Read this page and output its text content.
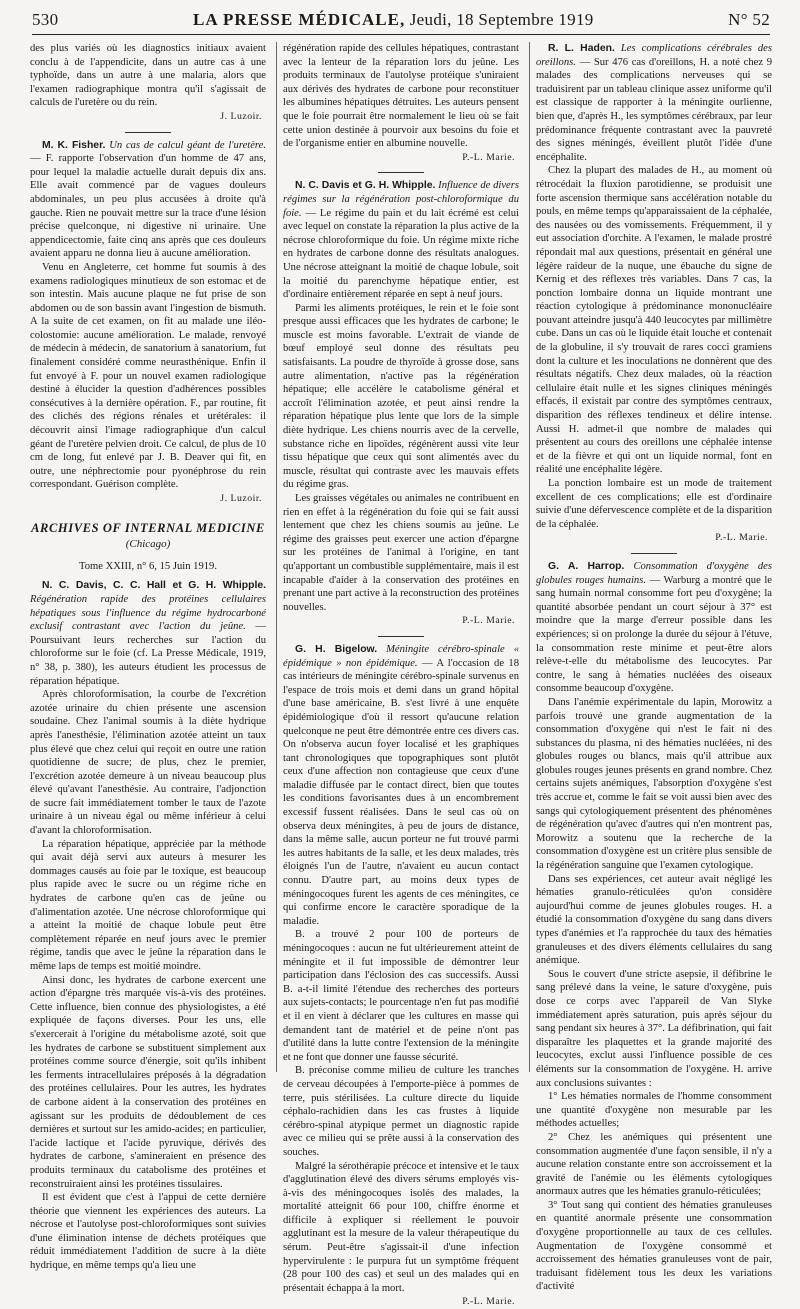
530	LA PRESSE MÉDICALE, Jeudi, 18 Septembre 1919	N° 52

des plus variés où les diagnostics initiaux avaient conclu à de l'appendicite, dans un autre cas à une typhoïde, dans un autre à une malaria, alors que l'examen radiographique montra qu'il s'agissait de calculs de l'uretère ou du rein.

J. Luzoir.

M. K. Fisher. Un cas de calcul géant de l'uretère. — F. rapporte l'observation d'un homme de 47 ans, pour lequel la maladie actuelle durait depuis dix ans. Elle avait commencé par de vagues douleurs abdominales, un peu plus accusées à droite qu'à gauche. Rien ne pouvait mettre sur la trace d'une lésion précise quelconque, ni digestive ni urinaire. Une appendicectomie, faite cinq ans après que ces douleurs avaient apparu ne donna lieu à aucune amélioration.

Venu en Angleterre, cet homme fut soumis à des examens radiologiques minutieux de son estomac et de son intestin. Mais aucune plaque ne fut prise de son abdomen ou de son bassin avant l'ingestion de bismuth. A la suite de cet examen, on fit au malade une iléo-colostomie: aucune amélioration. Le malade, renvoyé de médecin à médecin, de sanatorium à sanatorium, fut finalement considéré comme neurasthénique. Enfin il fut envoyé à F. pour un nouvel examen radiologique destiné à élucider la question d'adhérences possibles consécutives à la dernière opération. F., par routine, fit des clichés des régions rénales et urétérales: il découvrit ainsi l'image radiographique d'un calcul géant de l'uretère pelvien droit. Ce calcul, de plus de 10 cm de long, fut enlevé par J. B. Deaver qui fit, en outre, une néphrectomie pour pyonéphrose du rein correspondant. Guérison complète.

J. Luzoir.
ARCHIVES OF INTERNAL MEDICINE
(Chicago)
Tome XXIII, n° 6, 15 Juin 1919.

N. C. Davis, C. C. Hall et G. H. Whipple. Régénération rapide des protéines cellulaires hépatiques sous l'influence du régime hydrocarboné exclusif contrastant avec l'action du jeûne. — Poursuivant leurs recherches sur l'action du chloroforme sur le foie (cf. La Presse Médicale, 1919, n° 38, p. 380), les auteurs étudient les processus de réparation hépatique.

Après chloroformisation, la courbe de l'excrétion azotée urinaire du chien présente une ascension soudaine. Chez l'animal soumis à la diète hydrique après l'anesthésie, l'élimination azotée atteint un taux plus élevé que chez celui qui reçoit en outre une ration quotidienne de sucre; de plus, chez le premier, l'excrétion azotée demeure à un niveau beaucoup plus élevé qu'avant l'anesthésie. Au contraire, l'adjonction de sucre fait immédiatement tomber le taux de l'azote urinaire à un niveau égal ou même inférieur à celui d'avant la chloroformisation.

La réparation hépatique, appréciée par la méthode qui avait déjà servi aux auteurs à mesurer les dommages causés au foie par le toxique, est beaucoup plus rapide avec le sucre ou un régime riche en hydrates de carbone qu'en cas de jeûne ou d'alimentation azotée. Une nécrose chloroformique qui a atteint la moitié de chaque lobule peut être complètement réparée en neuf jours avec le premier régime, tandis que avec le jeûne la réparation dans le même laps de temps est moitié moindre.

Ainsi donc, les hydrates de carbone exercent une action d'épargne très marquée vis-à-vis des protéines. Cette influence, bien connue des physiologistes, a été expliquée de façons diverses. Pour les uns, elle s'exercerait à l'origine du métabolisme azoté, soit que les hydrates de carbone se substituent simplement aux protéines comme source d'énergie, soit qu'ils inhibent les ferments intracellulaires préposés à la dégradation des protéines cellulaires. Pour les autres, les hydrates de carbone aident à la conservation des protéines en agissant sur les produits de dédoublement de ces dernières et surtout sur les amido-acides; en particulier, l'acide lactique et l'acide pyruvique, dérivés des hydrates de carbone, s'amineraient en présence des produits terminaux du catabolisme des protéines et reconstruiraient ainsi les protéines tissulaires.

Il est évident que c'est à l'appui de cette dernière théorie que viennent les expériences des auteurs. La nécrose et l'autolyse post-chloroformiques sont suivies d'une élimination intense de déchets protéiques que réduit immédiatement l'addition de sucre à la diète hydrique, en même temps qu'a lieu une

régénération rapide des cellules hépatiques, contrastant avec la lenteur de la réparation lors du jeûne. Les produits terminaux de l'autolyse protéique s'uniraient aux dérivés des hydrates de carbone pour reconstituer les albumines hépatiques détruites. Les auteurs pensent que le foie pourrait être normalement le lieu où se fait cette union destinée à pourvoir aux besoins du foie et de l'organisme entier en albumine nouvelle.

P.-L. Marie.

N. C. Davis et G. H. Whipple. Influence de divers régimes sur la régénération post-chloroformique du foie. — Le régime du pain et du lait écrémé est celui avec lequel on constate la réparation la plus active de la nécrose chloroformique du foie. Un régime mixte riche en hydrates de carbone donne des résultats analogues. Une nécrose atteignant la moitié de chaque lobule, soit la moitié du parenchyme hépatique entier, est d'ordinaire entièrement réparée en sept à neuf jours.

Parmi les aliments protéiques, le rein et le foie sont presque aussi efficaces que les hydrates de carbone; le muscle est moins favorable. L'extrait de viande de bœuf employé seul donne des résultats peu satisfaisants. La poudre de thyroïde à grosse dose, sans autre alimentation, n'active pas la régénération hépatique; elle accélère le catabolisme général et accroît l'élimination azotée, et peut ainsi rendre la réparation hépatique plus lente que lors de la simple diète hydrique. Les chiens nourris avec de la cervelle, substance riche en lipoïdes, régénèrent aussi vite leur tissu hépatique que ceux qui sont alimentés avec du muscle, résultat qui contraste avec les mauvais effets du régime gras.

Les graisses végétales ou animales ne contribuent en rien en effet à la régénération du foie qui se fait aussi lentement que chez les chiens soumis au jeûne. Le régime des graisses peut exercer une action d'épargne sur les protéines de l'animal à l'origine, en tant qu'apportant un combustible supplémentaire, mais il est incapable d'aider à la conservation des protéines en prenant une part active à la reconstruction des protéines nouvelles.

P.-L. Marie.

G. H. Bigelow. Méningite cérébro-spinale « épidémique » non épidémique. — A l'occasion de 18 cas intérieurs de méningite cérébro-spinale survenus en l'espace de trois mois et demi dans un grand hôpital d'une base américaine, B. s'est livré à une enquête épidémiologique d'où il ressort qu'aucune relation quelconque ne peut être démontrée entre ces divers cas. On n'observa aucun foyer localisé et les graphiques tant chronologiques que topographiques sont plutôt ceux d'une affection non contagieuse que ceux d'une maladie diffusée par le contact direct, bien que toutes les conditions favorisantes dues à un encombrement excessif fussent réalisées. Dans le seul cas où on observa deux méningites, à peu de jours de distance, dans la même salle, aucun porteur ne fut trouvé parmi les autres habitants de la salle, et les deux malades, très éloignés l'un de l'autre, n'avaient eu aucun contact connu. D'autre part, au moins deux types de méningocoques furent les agents de ces méningites, ce qui confirme encore le caractère sporadique de la maladie.

B. a trouvé 2 pour 100 de porteurs de méningocoques : aucun ne fut ultérieurement atteint de méningite et il fut impossible de démontrer leur participation dans l'éclosion des cas successifs. Aussi B. a-t-il limité l'étendue des recherches des porteurs aux sujets-contacts; le pourcentage n'en fut pas modifié et il en vient à déclarer que les cultures en masse qui demandent tant de matériel et de peine n'ont pas d'utilité dans la lutte contre l'extension de la méningite et ne font que donner une fausse sécurité.

B. préconise comme milieu de culture les tranches de cerveau découpées à l'emporte-pièce à pommes de terre, puis stérilisées. La culture directe du liquide céphalo-rachidien dans les cas frustes à liquide cérébro-spinal atypique permet un diagnostic rapide avec ce milieu qui se prête aussi à la conservation des souches.

Malgré la sérothérapie précoce et intensive et le taux d'agglutination élevé des divers sérums employés vis-à-vis des méningocoques isolés des malades, la mortalité atteignit 66 pour 100, chiffre énorme et difficile à expliquer si réellement le pouvoir agglutinant est la mesure de la valeur thérapeutique du sérum. Peut-être s'agissait-il d'une infection hypervirulente : le purpura fut un symptôme fréquent (28 pour 100 des cas) et seul un des malades qui en présentait échappa à la mort.

P.-L. Marie.

R. L. Haden. Les complications cérébrales des oreillons. — Sur 476 cas d'oreillons, H. a noté chez 9 malades des complications nerveuses qui se traduisirent par un tableau clinique assez uniforme qu'il est classique de rapporter à la méningite ourlienne, bien que, d'après H., les symptômes cérébraux, par leur prédominance fréquente contrastant avec la pauvreté des signes méningés, éveillent plutôt l'idée d'une encéphalite.

Chez la plupart des malades de H., au moment où rétrocédait la fluxion parotidienne, se produisit une forte ascension thermique sans accélération notable du pouls, en même temps qu'apparaissaient de la céphalée, des nausées ou des vomissements. Fréquemment, il y eut association d'orchite. A l'examen, le malade prostré répondait mal aux questions, présentait en général une légère raideur de la nuque, une ébauche du signe de Kernig et des réflexes très variables. Dans 7 cas, la ponction lombaire donna un liquide montrant une réaction cytologique à prédominance mononucléaire pouvant atteindre jusqu'à 440 leucocytes par millimètre cube. Dans un cas où le liquide était louche et contenait de la globuline, il s'y trouvait de rares cocci gramiens dont la culture et les inoculations ne donnèrent que des résultats négatifs. Chez deux malades, où la réaction cellulaire était nulle et les signes cliniques méningés effacés, il existait par contre des symptômes centraux, disparition des réflexes tendineux et délire intense. Aussi H. admet-il que nombre de malades qui présentent au cours des oreillons une céphalée intense et de la fièvre et qui ont un liquide normal, font en réalité une encéphalite légère.

La ponction lombaire est un mode de traitement excellent de ces complications; elle est d'ordinaire suivie d'une défervescence complète et de la disparition de la céphalée.

P.-L. Marie.

G. A. Harrop. Consommation d'oxygène des globules rouges humains. — Warburg a montré que le sang humain normal consomme fort peu d'oxygène; la quantité absorbée pendant un court séjour à 37° est moindre que la marge d'erreur possible dans les expériences; si on prolonge la durée du séjour à l'étuve, la consommation reste minime et peut-être alors relève-t-elle du métabolisme des leucocytes. Par contre, le sang à hématies nucléées des oiseaux consomme beaucoup d'oxygène.

Dans l'anémie expérimentale du lapin, Morowitz a parfois trouvé une grande augmentation de la consommation d'oxygène qui n'est le fait ni des substances du plasma, ni des hématies nucléées, ni des globules rouges ou blancs, mais qu'il attribue aux globules rouges jeunes présents en grand nombre. Chez certains sujets anémiques, l'absorption d'oxygène s'est très accrue et, comme le fait se voit aussi bien avec des sangs qui cytologiquement présentent des phénomènes de régénération qu'avec d'autres qui n'en montrent pas, Morowitz a soutenu que la recherche de la consommation d'oxygène est un critère plus sensible de la régénération sanguine que l'examen cytologique.

Dans ses expériences, cet auteur avait négligé les hématies granulo-réticulées qu'on considère aujourd'hui comme de jeunes globules rouges. H. a étudié la consommation d'oxygène du sang dans divers types d'anémies et l'a rapprochée du taux des hématies granuleuses et des divers éléments cellulaires du sang anémique.

Sous le couvert d'une stricte asepsie, il défibrine le sang prélevé dans la veine, le sature d'oxygène, puis dose ce corps avec l'appareil de Van Slyke immédiatement après saturation, puis après séjour du sang pendant six heures à 37°. La défibrination, qui fait disparaître les plaquettes et la grande majorité des leucocytes, exclut aussi l'influence possible de ces éléments sur la consommation de l'oxygène. H. arrive aux conclusions suivantes :

1° Les hématies normales de l'homme consomment une quantité d'oxygène non mesurable par les méthodes actuelles;

2° Chez les anémiques qui présentent une consommation augmentée d'une façon sensible, il n'y a aucune relation constante entre son accroissement et la gravité de l'anémie ou les éléments cytologiques anormaux autres que les hématies granulo-réticulées;

3° Tout sang qui contient des hématies granuleuses en quantité anormale présente une consommation d'oxygène proportionnelle au taux de ces cellules. Augmentation de l'oxygène consommé et accroissement des hématies granuleuses vont de pair, traduisant fidèlement tous les deux les variations d'activité
